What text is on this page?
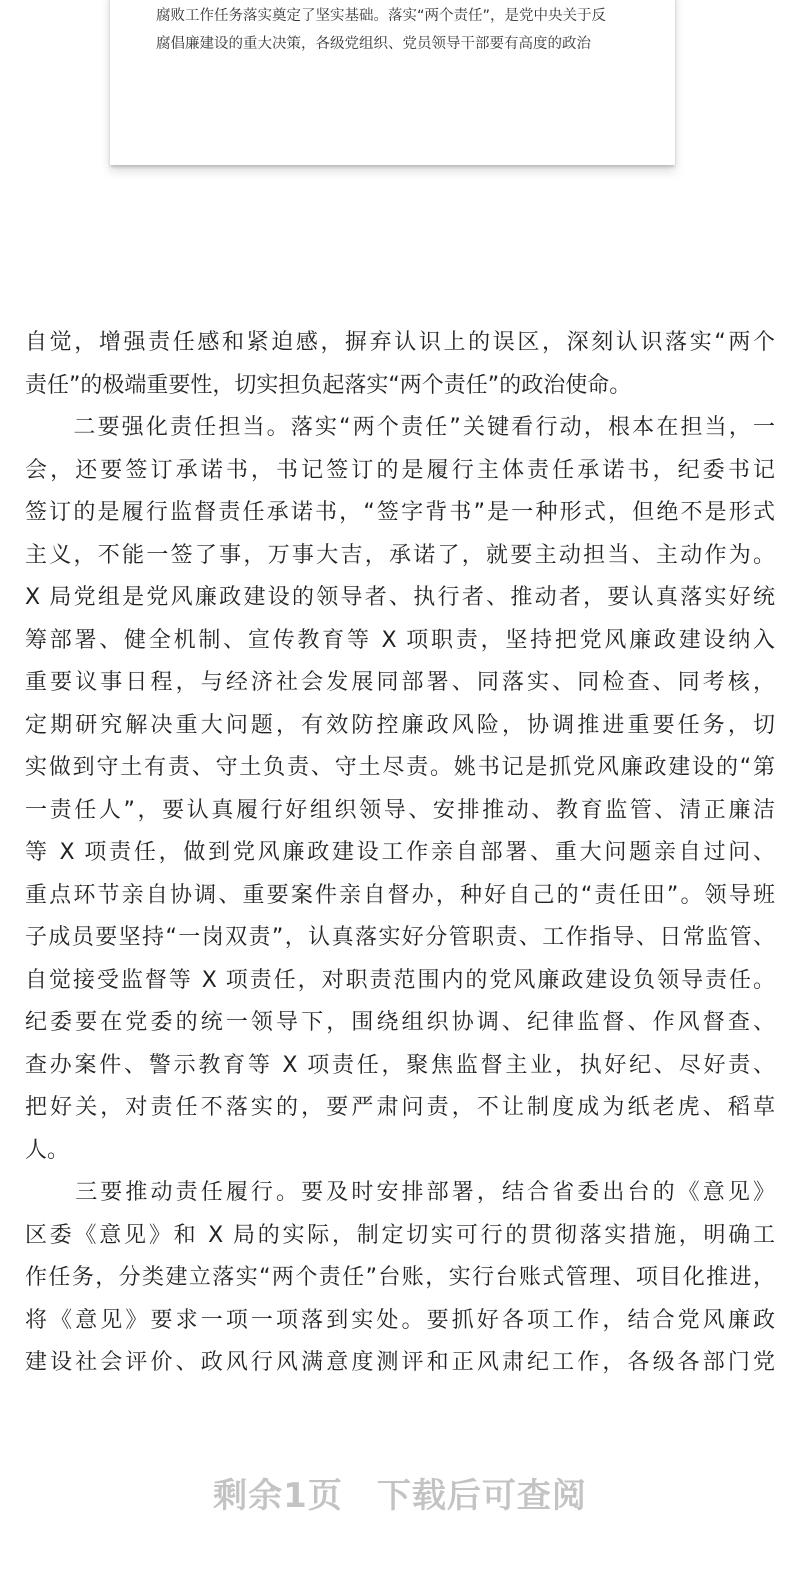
腐败工作任务落实奠定了坚实基础。落实“两个责任”，是党中央关于反
腐倡廉建设的重大决策，各级党组织、党员领导干部要有高度的政治
自觉，增强责任感和紧迫感，摒弃认识上的误区，深刻认识落实“两个
责任”的极端重要性，切实担负起落实“两个责任”的政治使命。
　　二要强化责任担当。落实“两个责任”关键看行动，根本在担当，一
会，还要签订承诺书，书记签订的是履行主体责任承诺书，纪委书记
签订的是履行监督责任承诺书，“签字背书”是一种形式，但绝不是形式
主义，不能一签了事，万事大吉，承诺了，就要主动担当、主动作为。
X 局党组是党风廉政建设的领导者、执行者、推动者，要认真落实好统
筹部署、健全机制、宣传教育等 X 项职责，坚持把党风廉政建设纳入
重要议事日程，与经济社会发展同部署、同落实、同检查、同考核，
定期研究解决重大问题，有效防控廉政风险，协调推进重要任务，切
实做到守土有责、守土负责、守土尽责。姚书记是抓党风廉政建设的“第
一责任人”，要认真履行好组织领导、安排推动、教育监管、清正廉洁
等 X 项责任，做到党风廉政建设工作亲自部署、重大问题亲自过问、
重点环节亲自协调、重要案件亲自督办，种好自己的“责任田”。领导班
子成员要坚持“一岗双责”，认真落实好分管职责、工作指导、日常监管、
自觉接受监督等 X 项责任，对职责范围内的党风廉政建设负领导责任。
纪委要在党委的统一领导下，围绕组织协调、纪律监督、作风督查、
查办案件、警示教育等 X 项责任，聚焦监督主业，执好纪、尽好责、
把好关，对责任不落实的，要严肃问责，不让制度成为纸老虎、稻草
人。
　　三要推动责任履行。要及时安排部署，结合省委出台的《意见》
区委《意见》和 X 局的实际，制定切实可行的贯彻落实措施，明确工
作任务，分类建立落实“两个责任”台账，实行台账式管理、项目化推进，
将《意见》要求一项一项落到实处。要抓好各项工作，结合党风廉政
建设社会评价、政风行风满意度测评和正风肃纪工作，各级各部门党
剩余1页 下载后可查阅
